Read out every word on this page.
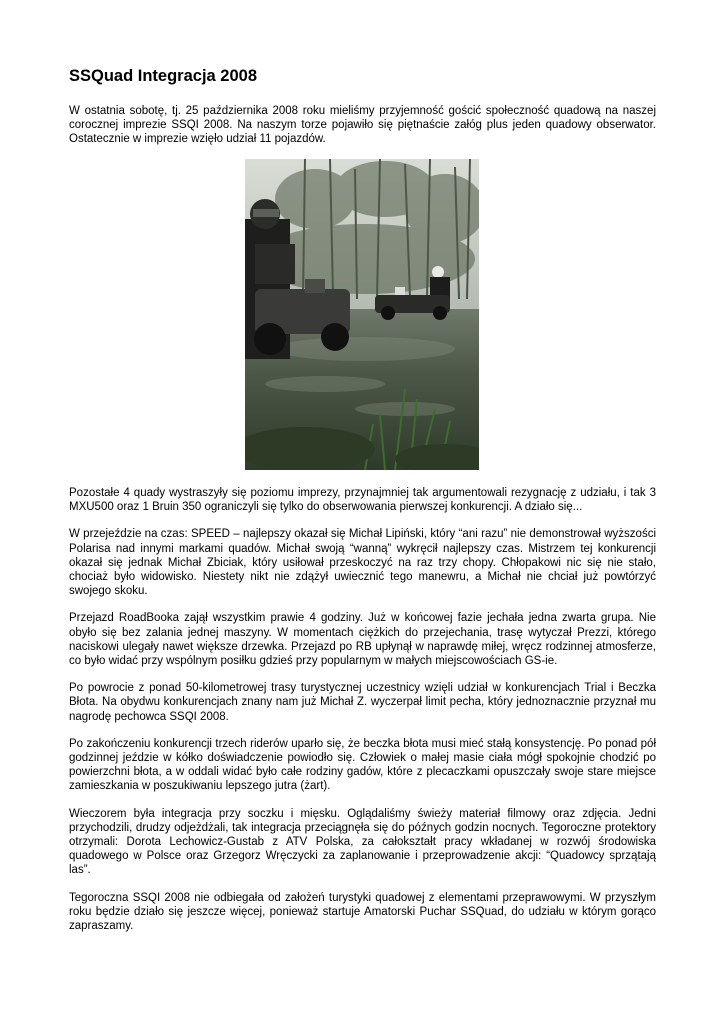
SSQuad Integracja 2008

W ostatnia sobotę, tj. 25 października 2008 roku mieliśmy przyjemność gościć społeczność quadową na naszej corocznej imprezie SSQI 2008. Na naszym torze pojawiło się piętnaście załóg plus jeden quadowy obserwator. Ostatecznie w imprezie wzięło udział 11 pojazdów.

Pozostałe 4 quady wystraszyły się poziomu imprezy, przynajmniej tak argumentowali rezygnację z udziału, i tak 3 MXU500 oraz 1 Bruin 350 ograniczyli się tylko do obserwowania pierwszej konkurencji. A działo się...

W przejeździe na czas: SPEED – najlepszy okazał się Michał Lipiński, który “ani razu” nie demonstrował wyższości Polarisa nad innymi markami quadów. Michał swoją “wanną” wykręcił najlepszy czas. Mistrzem tej konkurencji okazał się jednak Michał Zbiciak, który usiłował przeskoczyć na raz trzy chopy. Chłopakowi nic się nie stało, chociaż było widowisko. Niestety nikt nie zdążył uwiecznić tego manewru, a Michał nie chciał już powtórzyć swojego skoku.

Przejazd RoadBooka zajął wszystkim prawie 4 godziny. Już w końcowej fazie jechała jedna zwarta grupa. Nie obyło się bez zalania jednej maszyny. W momentach ciężkich do przejechania, trasę wytyczał Prezzi, którego naciskowi ulegały nawet większe drzewka. Przejazd po RB upłynął w naprawdę miłej, wręcz rodzinnej atmosferze, co było widać przy wspólnym posiłku gdzieś przy popularnym w małych miejscowościach GS-ie.

Po powrocie z ponad 50-kilometrowej trasy turystycznej uczestnicy wzięli udział w konkurencjach Trial i Beczka Błota. Na obydwu konkurencjach znany nam już Michał Z. wyczerpał limit pecha, który jednoznacznie przyznał mu nagrodę pechowca SSQI 2008.

Po zakończeniu konkurencji trzech riderów uparło się, że beczka błota musi mieć stałą konsystencję. Po ponad pół godzinnej jeździe w kółko doświadczenie powiodło się. Człowiek o małej masie ciała mógł spokojnie chodzić po powierzchni błota, a w oddali widać było całe rodziny gadów, które z plecaczkami opuszczały swoje stare miejsce zamieszkania w poszukiwaniu lepszego jutra (żart).

Wieczorem była integracja przy soczku i mięsku. Oglądaliśmy świeży materiał filmowy oraz zdjęcia. Jedni przychodzili, drudzy odjeżdżali, tak integracja przeciągnęła się do późnych godzin nocnych. Tegoroczne protektory otrzymali: Dorota Lechowicz-Gustab z ATV Polska, za całokształt pracy wkładanej w rozwój środowiska quadowego w Polsce oraz Grzegorz Wręczycki za zaplanowanie i przeprowadzenie akcji: “Quadowcy sprzątają las”.

Tegoroczna SSQI 2008 nie odbiegała od założeń turystyki quadowej z elementami przeprawowymi. W przyszłym roku będzie działo się jeszcze więcej, ponieważ startuje Amatorski Puchar SSQuad, do udziału w którym gorąco zapraszamy.
